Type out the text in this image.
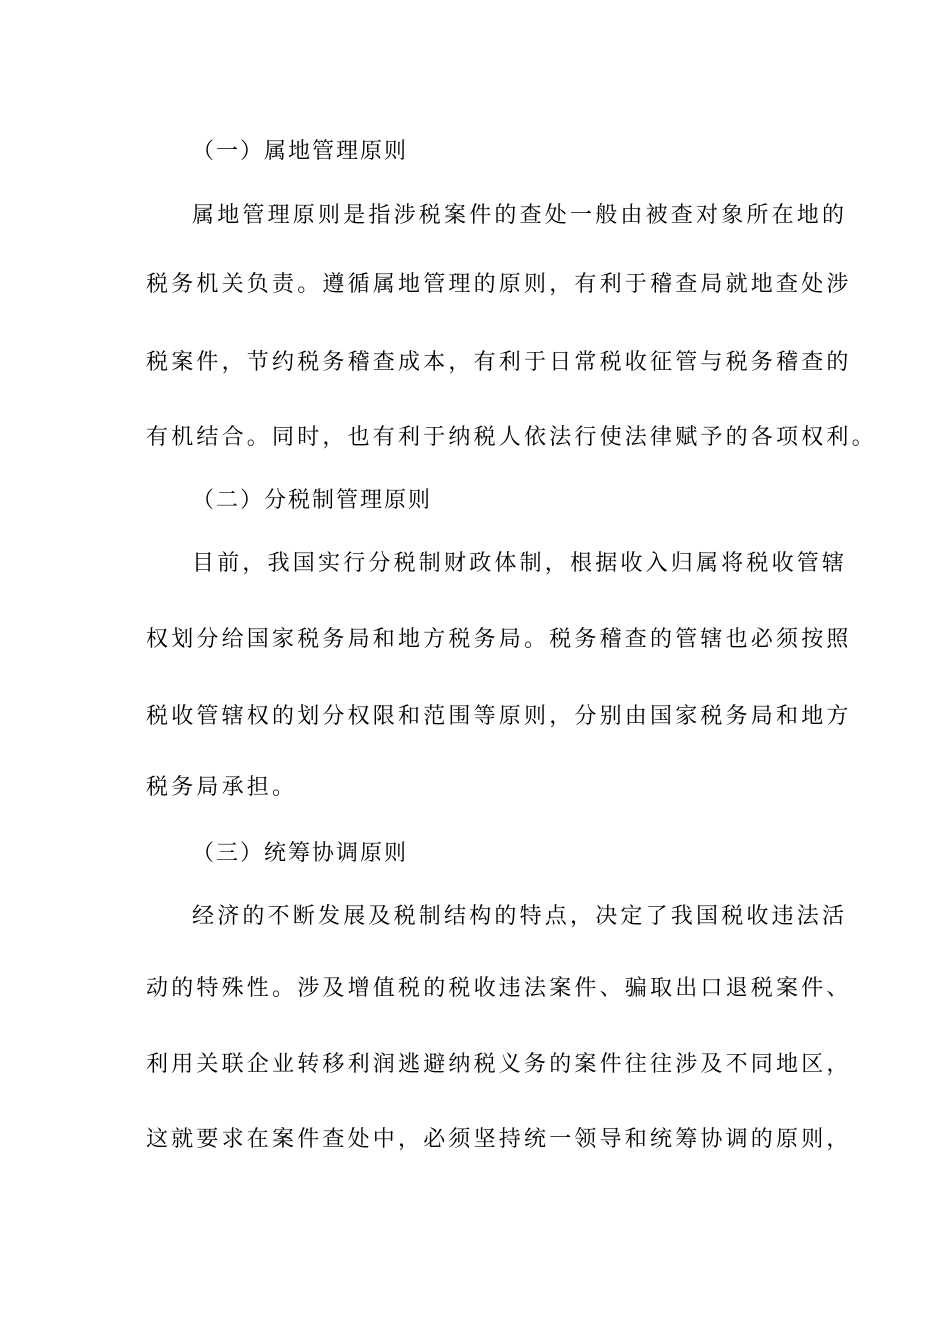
（一）属地管理原则
属地管理原则是指涉税案件的查处一般由被查对象所在地的
税务机关负责。遵循属地管理的原则，有利于稽查局就地查处涉
税案件，节约税务稽查成本，有利于日常税收征管与税务稽查的
有机结合。同时，也有利于纳税人依法行使法律赋予的各项权利。
（二）分税制管理原则
目前，我国实行分税制财政体制，根据收入归属将税收管辖
权划分给国家税务局和地方税务局。税务稽查的管辖也必须按照
税收管辖权的划分权限和范围等原则，分别由国家税务局和地方
税务局承担。
（三）统筹协调原则
经济的不断发展及税制结构的特点，决定了我国税收违法活
动的特殊性。涉及增值税的税收违法案件、骗取出口退税案件、
利用关联企业转移利润逃避纳税义务的案件往往涉及不同地区，
这就要求在案件查处中，必须坚持统一领导和统筹协调的原则，
